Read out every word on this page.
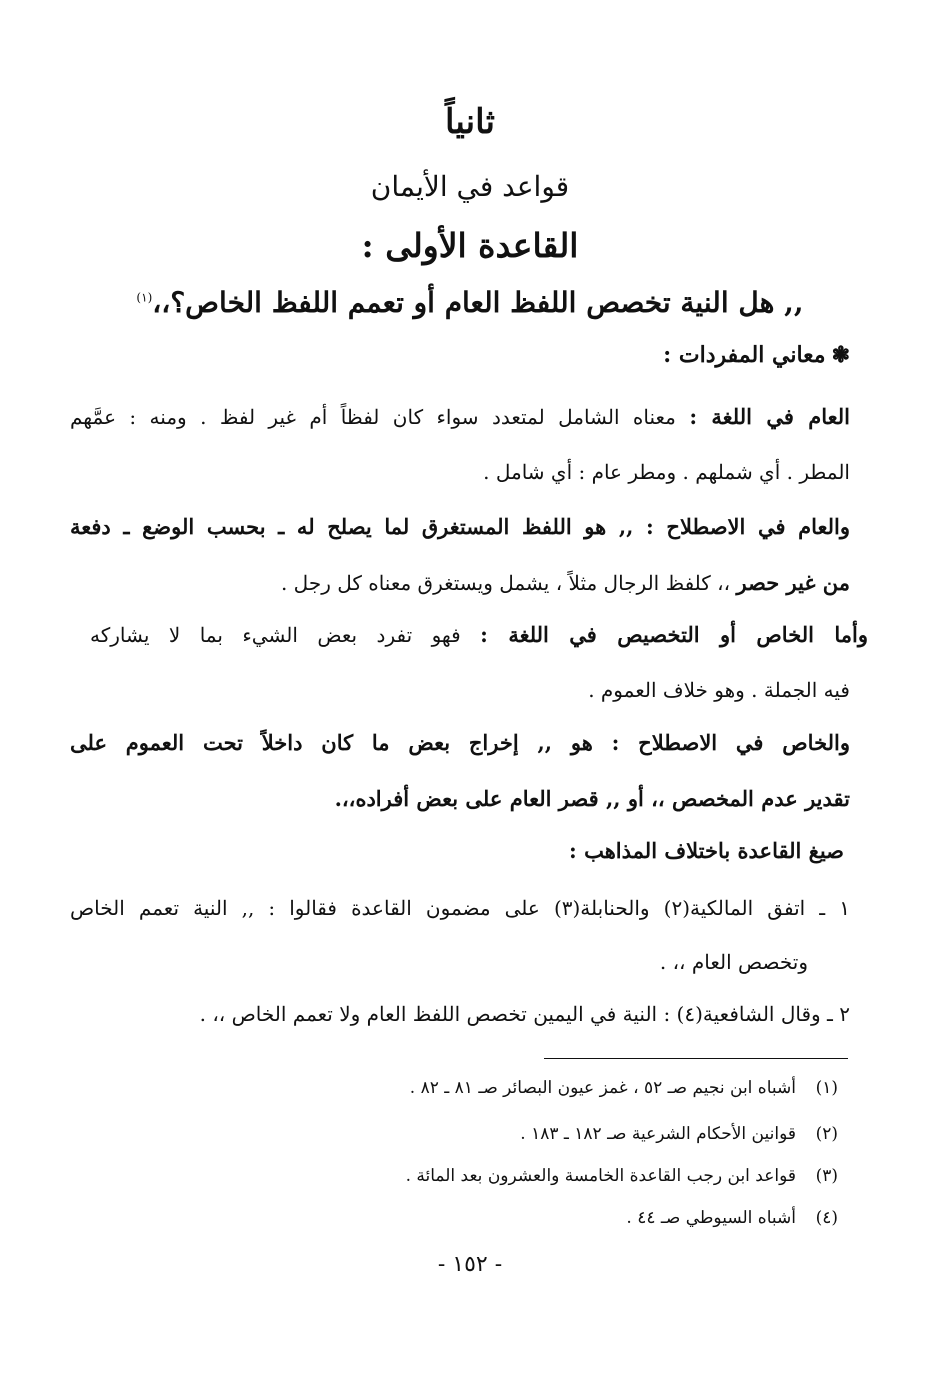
ثانياً
قواعد في الأيمان
القاعدة الأولى :
,, هل النية تخصص اللفظ العام أو تعمم اللفظ الخاص؟،،$^{(١)}$
❃معاني المفردات :
العام في اللغة : معناه الشامل لمتعدد سواء كان لفظاً أم غير لفظ . ومنه : عمَّهم
المطر . أي شملهم . ومطر عام : أي شامل .
والعام في الاصطلاح : ,, هو اللفظ المستغرق لما يصلح له ـ بحسب الوضع ـ دفعة
من غير حصر ،، كلفظ الرجال مثلاً ، يشمل ويستغرق معناه كل رجل .
وأما الخاص أو التخصيص في اللغة : فهو تفرد بعض الشيء بما لا يشاركه
فيه الجملة . وهو خلاف العموم .
والخاص في الاصطلاح : هو ,, إخراج بعض ما كان داخلاً تحت العموم على
تقدير عدم المخصص ،، أو ,, قصر العام على بعض أفراده،،.
صيغ القاعدة باختلاف المذاهب :
١ ـ اتفق المالكية(٢) والحنابلة(٣) على مضمون القاعدة فقالوا : ,, النية تعمم الخاص
وتخصص العام ،، .
٢ ـ وقال الشافعية(٤) : النية في اليمين تخصص اللفظ العام ولا تعمم الخاص ،، .
(١)أشباه ابن نجيم صـ ٥٢ ، غمز عيون البصائر صـ ٨١ ـ ٨٢ .
(٢)قوانين الأحكام الشرعية صـ ١٨٢ ـ ١٨٣ .
(٣)قواعد ابن رجب القاعدة الخامسة والعشرون بعد المائة .
(٤)أشباه السيوطي صـ ٤٤ .
- ١٥٢ -
